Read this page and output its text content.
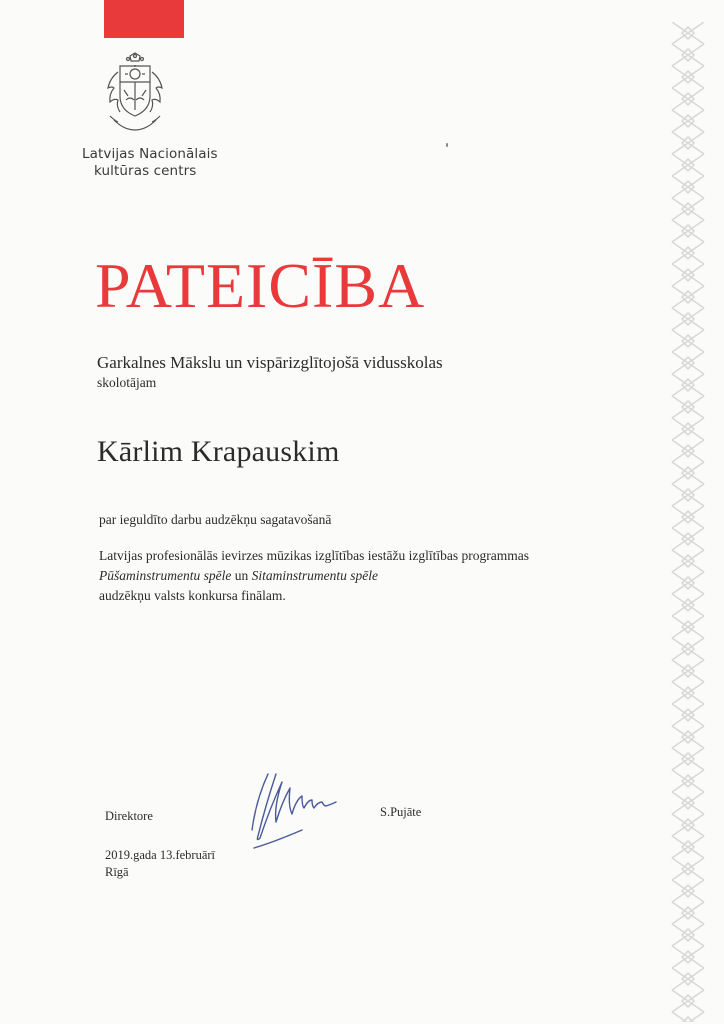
Latvijas Nacionālais
kultūras centrs
PATEICĪBA
Garkalnes Mākslu un vispārizglītojošā vidusskolas
skolotājam
Kārlim Krapauskim
par ieguldīto darbu audzēkņu sagatavošanā
Latvijas profesionālās ievirzes mūzikas izglītības iestāžu izglītības programmas
Pūšaminstrumentu spēle un Sitaminstrumentu spēle
audzēkņu valsts konkursa finālam.
Direktore	S.Pujāte
2019.gada 13.februārī
Rīgā
